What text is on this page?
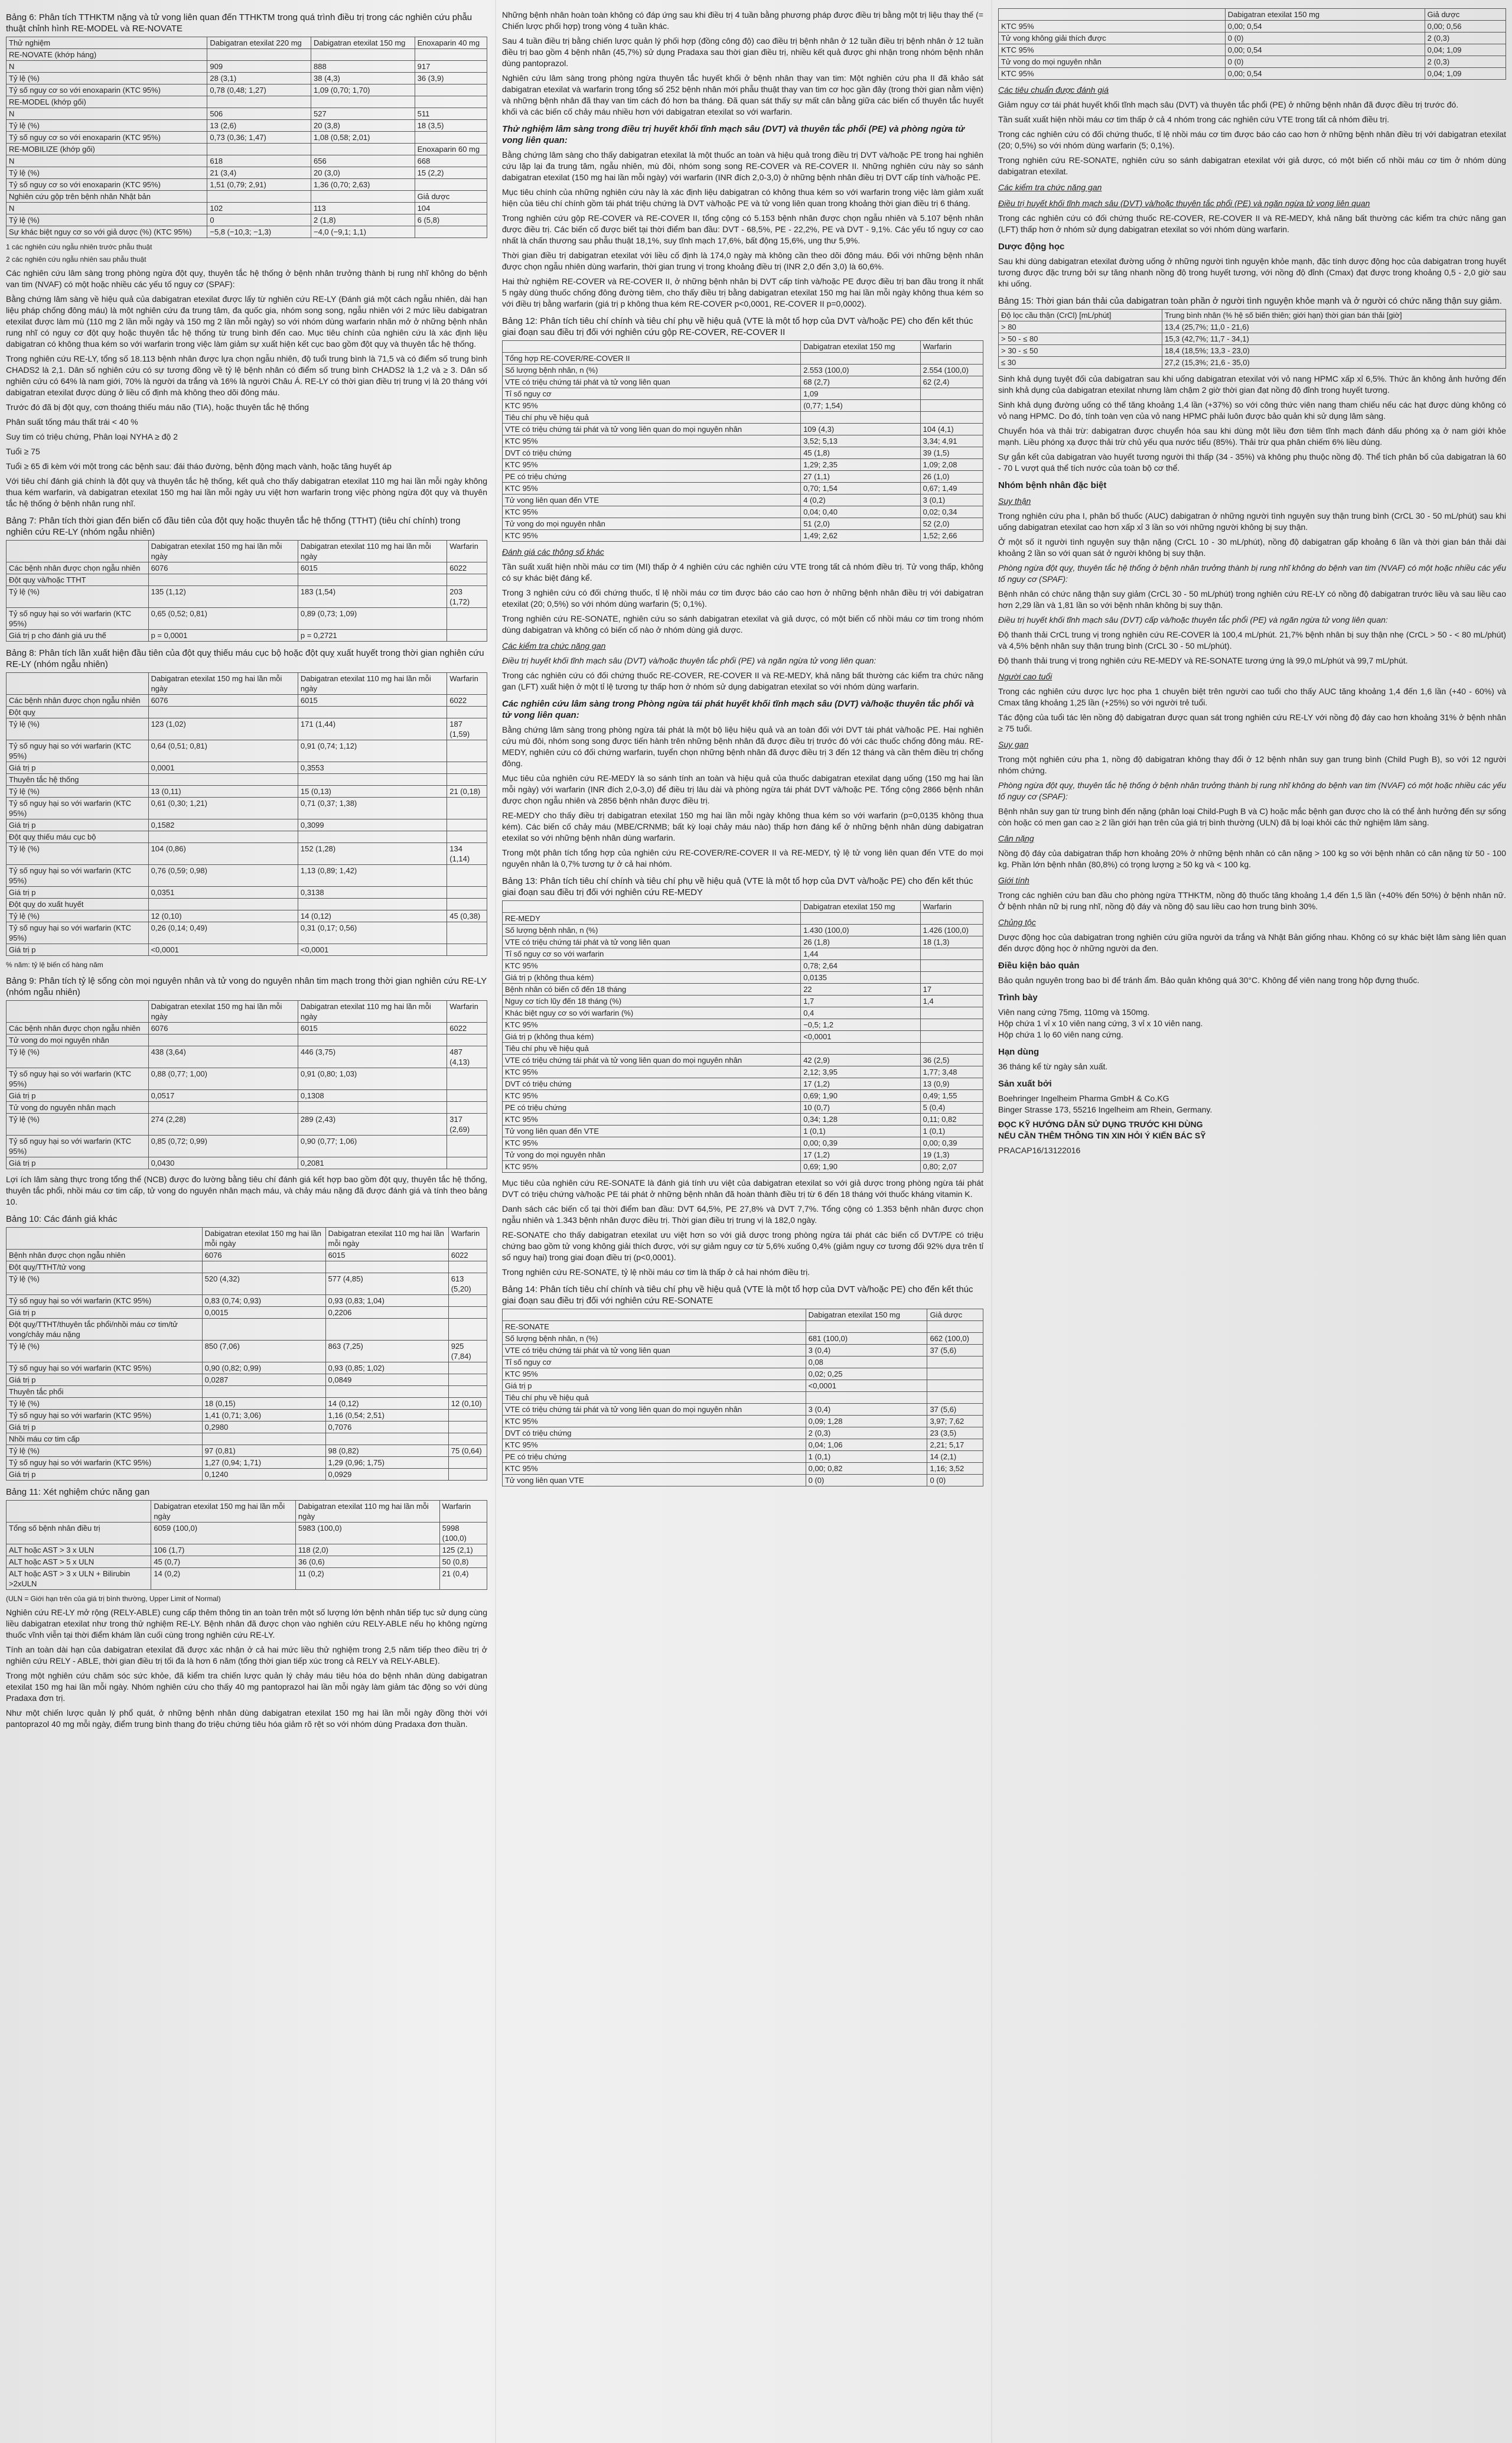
Bảng 6: Phân tích TTHKTM nặng và tử vong liên quan đến TTHKTM trong quá trình điều trị trong các nghiên cứu phẫu thuật chỉnh hình RE-MODEL và RE-NOVATE
Thử nghiệm	Dabigatran etexilat 220 mg	Dabigatran etexilat 150 mg	Enoxaparin 40 mg
RE-NOVATE (khớp háng)			
N	909	888	917
Tỷ lệ (%)	28 (3,1)	38 (4,3)	36 (3,9)
Tỷ số nguy cơ so với enoxaparin (KTC 95%)	0,78 (0,48; 1,27)	1,09 (0,70; 1,70)	
RE-MODEL (khớp gối)			
N	506	527	511
Tỷ lệ (%)	13 (2,6)	20 (3,8)	18 (3,5)
Tỷ số nguy cơ so với enoxaparin (KTC 95%)	0,73 (0,36; 1,47)	1,08 (0,58; 2,01)	
RE-MOBILIZE (khớp gối)			Enoxaparin 60 mg
N	618	656	668
Tỷ lệ (%)	21 (3,4)	20 (3,0)	15 (2,2)
Tỷ số nguy cơ so với enoxaparin (KTC 95%)	1,51 (0,79; 2,91)	1,36 (0,70; 2,63)	
Nghiên cứu gộp trên bệnh nhân Nhật bản			Giả dược
N	102	113	104
Tỷ lệ (%)	0	2 (1,8)	6 (5,8)
Sự khác biệt nguy cơ so với giả dược (%) (KTC 95%)	−5,8 (−10,3; −1,3)	−4,0 (−9,1; 1,1)	
1 các nghiên cứu ngẫu nhiên trước phẫu thuật
2 các nghiên cứu ngẫu nhiên sau phẫu thuật
Các nghiên cứu lâm sàng trong phòng ngừa đột quỵ, thuyên tắc hệ thống ở bệnh nhân trưởng thành bị rung nhĩ không do bệnh van tim (NVAF) có một hoặc nhiều các yếu tố nguy cơ (SPAF):
Bằng chứng lâm sàng về hiệu quả của dabigatran etexilat được lấy từ nghiên cứu RE-LY (Đánh giá một cách ngẫu nhiên, dài hạn liệu pháp chống đông máu) là một nghiên cứu đa trung tâm, đa quốc gia, nhóm song song, ngẫu nhiên với 2 mức liều dabigatran etexilat được làm mù (110 mg 2 lần mỗi ngày và 150 mg 2 lần mỗi ngày) so với nhóm dùng warfarin nhãn mở ở những bệnh nhân rung nhĩ có nguy cơ đột quỵ hoặc thuyên tắc hệ thống từ trung bình đến cao. Mục tiêu chính của nghiên cứu là xác định liệu dabigatran có không thua kém so với warfarin trong việc làm giảm sự xuất hiện kết cục bao gồm đột quỵ và thuyên tắc hệ thống.
Trong nghiên cứu RE-LY, tổng số 18.113 bệnh nhân được lựa chọn ngẫu nhiên, độ tuổi trung bình là 71,5 và có điểm số trung bình CHADS2 là 2,1. Dân số nghiên cứu có sự tương đồng về tỷ lệ bệnh nhân có điểm số trung bình CHADS2 là 1,2 và ≥ 3. Dân số nghiên cứu có 64% là nam giới, 70% là người da trắng và 16% là người Châu Á. RE-LY có thời gian điều trị trung vị là 20 tháng với dabigatran etexilat được dùng ở liều cố định mà không theo dõi đông máu.
Trước đó đã bị đột quỵ, cơn thoáng thiếu máu não (TIA), hoặc thuyên tắc hệ thống
Phân suất tống máu thất trái < 40 %
Suy tim có triệu chứng, Phân loại NYHA ≥ độ 2
Tuổi ≥ 75
Tuổi ≥ 65 đi kèm với một trong các bệnh sau: đái tháo đường, bệnh động mạch vành, hoặc tăng huyết áp
Với tiêu chí đánh giá chính là đột quỵ và thuyên tắc hệ thống, kết quả cho thấy dabigatran etexilat 110 mg hai lần mỗi ngày không thua kém warfarin, và dabigatran etexilat 150 mg hai lần mỗi ngày ưu việt hơn warfarin trong việc phòng ngừa đột quỵ và thuyên tắc hệ thống ở bệnh nhân rung nhĩ.
Bảng 7: Phân tích thời gian đến biến cố đầu tiên của đột quỵ hoặc thuyên tắc hệ thống (TTHT) (tiêu chí chính) trong nghiên cứu RE-LY (nhóm ngẫu nhiên)
	Dabigatran etexilat 150 mg hai lần mỗi ngày	Dabigatran etexilat 110 mg hai lần mỗi ngày	Warfarin
Các bệnh nhân được chọn ngẫu nhiên	6076	6015	6022
Đột quỵ và/hoặc TTHT			
Tỷ lệ (%)	135 (1,12)	183 (1,54)	203 (1,72)
Tỷ số nguy hại so với warfarin (KTC 95%)	0,65 (0,52; 0,81)	0,89 (0,73; 1,09)	
Giá trị p cho đánh giá ưu thế	p = 0,0001	p = 0,2721	
Bảng 8: Phân tích lần xuất hiện đầu tiên của đột quỵ thiếu máu cục bộ hoặc đột quỵ xuất huyết trong thời gian nghiên cứu RE-LY (nhóm ngẫu nhiên)
	Dabigatran etexilat 150 mg hai lần mỗi ngày	Dabigatran etexilat 110 mg hai lần mỗi ngày	Warfarin
Các bệnh nhân được chọn ngẫu nhiên	6076	6015	6022
Đột quỵ			
Tỷ lệ (%)	123 (1,02)	171 (1,44)	187 (1,59)
Tỷ số nguy hại so với warfarin (KTC 95%)	0,64 (0,51; 0,81)	0,91 (0,74; 1,12)	
Giá trị p	0,0001	0,3553	
Thuyên tắc hệ thống			
Tỷ lệ (%)	13 (0,11)	15 (0,13)	21 (0,18)
Tỷ số nguy hại so với warfarin (KTC 95%)	0,61 (0,30; 1,21)	0,71 (0,37; 1,38)	
Giá trị p	0,1582	0,3099	
Đột quỵ thiếu máu cục bộ			
Tỷ lệ (%)	104 (0,86)	152 (1,28)	134 (1,14)
Tỷ số nguy hại so với warfarin (KTC 95%)	0,76 (0,59; 0,98)	1,13 (0,89; 1,42)	
Giá trị p	0,0351	0,3138	
Đột quỵ do xuất huyết			
Tỷ lệ (%)	12 (0,10)	14 (0,12)	45 (0,38)
Tỷ số nguy hại so với warfarin (KTC 95%)	0,26 (0,14; 0,49)	0,31 (0,17; 0,56)	
Giá trị p	<0,0001	<0,0001	
% năm: tỷ lệ biến cố hàng năm
Bảng 9: Phân tích tỷ lệ sống còn mọi nguyên nhân và tử vong do nguyên nhân tim mạch trong thời gian nghiên cứu RE-LY (nhóm ngẫu nhiên)
	Dabigatran etexilat 150 mg hai lần mỗi ngày	Dabigatran etexilat 110 mg hai lần mỗi ngày	Warfarin
Các bệnh nhân được chọn ngẫu nhiên	6076	6015	6022
Tử vong do mọi nguyên nhân			
Tỷ lệ (%)	438 (3,64)	446 (3,75)	487 (4,13)
Tỷ số nguy hại so với warfarin (KTC 95%)	0,88 (0,77; 1,00)	0,91 (0,80; 1,03)	
Giá trị p	0,0517	0,1308	
Tử vong do nguyên nhân mạch			
Tỷ lệ (%)	274 (2,28)	289 (2,43)	317 (2,69)
Tỷ số nguy hại so với warfarin (KTC 95%)	0,85 (0,72; 0,99)	0,90 (0,77; 1,06)	
Giá trị p	0,0430	0,2081	
Lợi ích lâm sàng thực trong tổng thể (NCB) được đo lường bằng tiêu chí đánh giá kết hợp bao gồm đột quỵ, thuyên tắc hệ thống, thuyên tắc phổi, nhồi máu cơ tim cấp, tử vong do nguyên nhân mạch máu, và chảy máu nặng đã được đánh giá và tính theo bảng 10.
Bảng 10: Các đánh giá khác
	Dabigatran etexilat 150 mg hai lần mỗi ngày	Dabigatran etexilat 110 mg hai lần mỗi ngày	Warfarin
Bệnh nhân được chọn ngẫu nhiên	6076	6015	6022
Đột quỵ/TTHT/tử vong			
Tỷ lệ (%)	520 (4,32)	577 (4,85)	613 (5,20)
Tỷ số nguy hại so với warfarin (KTC 95%)	0,83 (0,74; 0,93)	0,93 (0,83; 1,04)	
Giá trị p	0,0015	0,2206	
Đột quỵ/TTHT/thuyên tắc phổi/nhồi máu cơ tim/tử vong/chảy máu nặng			
Tỷ lệ (%)	850 (7,06)	863 (7,25)	925 (7,84)
Tỷ số nguy hại so với warfarin (KTC 95%)	0,90 (0,82; 0,99)	0,93 (0,85; 1,02)	
Giá trị p	0,0287	0,0849	
Thuyên tắc phổi			
Tỷ lệ (%)	18 (0,15)	14 (0,12)	12 (0,10)
Tỷ số nguy hại so với warfarin (KTC 95%)	1,41 (0,71; 3,06)	1,16 (0,54; 2,51)	
Giá trị p	0,2980	0,7076	
Nhồi máu cơ tim cấp			
Tỷ lệ (%)	97 (0,81)	98 (0,82)	75 (0,64)
Tỷ số nguy hại so với warfarin (KTC 95%)	1,27 (0,94; 1,71)	1,29 (0,96; 1,75)	
Giá trị p	0,1240	0,0929	
Bảng 11: Xét nghiệm chức năng gan
	Dabigatran etexilat 150 mg hai lần mỗi ngày	Dabigatran etexilat 110 mg hai lần mỗi ngày	Warfarin
Tổng số bệnh nhân điều trị	6059 (100,0)	5983 (100,0)	5998 (100,0)
ALT hoặc AST > 3 x ULN	106 (1,7)	118 (2,0)	125 (2,1)
ALT hoặc AST > 5 x ULN	45 (0,7)	36 (0,6)	50 (0,8)
ALT hoặc AST > 3 x ULN + Bilirubin >2xULN	14 (0,2)	11 (0,2)	21 (0,4)
(ULN = Giới hạn trên của giá trị bình thường, Upper Limit of Normal)
Nghiên cứu RE-LY mở rộng (RELY-ABLE) cung cấp thêm thông tin an toàn trên một số lượng lớn bệnh nhân tiếp tục sử dụng cùng liều dabigatran etexilat như trong thử nghiệm RE-LY. Bệnh nhân đã được chọn vào nghiên cứu RELY-ABLE nếu họ không ngừng thuốc vĩnh viễn tại thời điểm khám lần cuối cùng trong nghiên cứu RE-LY.
Tính an toàn dài hạn của dabigatran etexilat đã được xác nhận ở cả hai mức liều thử nghiệm trong 2,5 năm tiếp theo điều trị ở nghiên cứu RELY - ABLE, thời gian điều trị tối đa là hơn 6 năm (tổng thời gian tiếp xúc trong cả RELY và RELY-ABLE).
Trong một nghiên cứu chăm sóc sức khỏe, đã kiểm tra chiến lược quản lý chảy máu tiêu hóa do bệnh nhân dùng dabigatran etexilat 150 mg hai lần mỗi ngày. Nhóm nghiên cứu cho thấy 40 mg pantoprazol hai lần mỗi ngày làm giảm tác động so với dùng Pradaxa đơn trị.
Như một chiến lược quản lý phổ quát, ở những bệnh nhân dùng dabigatran etexilat 150 mg hai lần mỗi ngày đồng thời với pantoprazol 40 mg mỗi ngày, điểm trung bình thang đo triệu chứng tiêu hóa giảm rõ rệt so với nhóm dùng Pradaxa đơn thuần.
Những bệnh nhân hoàn toàn không có đáp ứng sau khi điều trị 4 tuần bằng phương pháp được điều trị bằng một trị liệu thay thế (= Chiến lược phối hợp) trong vòng 4 tuần khác.
Sau 4 tuần điều trị bằng chiến lược quản lý phối hợp (đồng công độ) cao điều trị bệnh nhân ở 12 tuần điều trị bệnh nhân ở 12 tuần điều trị bao gồm 4 bệnh nhân (45,7%) sử dụng Pradaxa sau thời gian điều trị, nhiều kết quả được ghi nhận trong nhóm bệnh nhân dùng pantoprazol.
Nghiên cứu lâm sàng trong phòng ngừa thuyên tắc huyết khối ở bệnh nhân thay van tim: Một nghiên cứu pha II đã khảo sát dabigatran etexilat và warfarin trong tổng số 252 bệnh nhân mới phẫu thuật thay van tim cơ học gần đây (trong thời gian nằm viện) và những bệnh nhân đã thay van tim cách đó hơn ba tháng. Đã quan sát thấy sự mất cân bằng giữa các biến cố thuyên tắc huyết khối và các biến cố chảy máu nhiều hơn với dabigatran etexilat so với warfarin.
Thử nghiệm lâm sàng trong điều trị huyết khối tĩnh mạch sâu (DVT) và thuyên tắc phổi (PE) và phòng ngừa tử vong liên quan:
Bằng chứng lâm sàng cho thấy dabigatran etexilat là một thuốc an toàn và hiệu quả trong điều trị DVT và/hoặc PE trong hai nghiên cứu lặp lại đa trung tâm, ngẫu nhiên, mù đôi, nhóm song song RE-COVER và RE-COVER II. Những nghiên cứu này so sánh dabigatran etexilat (150 mg hai lần mỗi ngày) với warfarin (INR đích 2,0-3,0) ở những bệnh nhân điều trị DVT cấp tính và/hoặc PE.
Mục tiêu chính của những nghiên cứu này là xác định liệu dabigatran có không thua kém so với warfarin trong việc làm giảm xuất hiện của tiêu chí chính gồm tái phát triệu chứng là DVT và/hoặc PE và tử vong liên quan trong khoảng thời gian điều trị 6 tháng.
Trong nghiên cứu gộp RE-COVER và RE-COVER II, tổng cộng có 5.153 bệnh nhân được chọn ngẫu nhiên và 5.107 bệnh nhân được điều trị. Các biến cố được biết tại thời điểm ban đầu: DVT - 68,5%, PE - 22,2%, PE và DVT - 9,1%. Các yếu tố nguy cơ cao nhất là chấn thương sau phẫu thuật 18,1%, suy tĩnh mạch 17,6%, bất động 15,6%, ung thư 5,9%.
Thời gian điều trị dabigatran etexilat với liều cố định là 174,0 ngày mà không cần theo dõi đông máu. Đối với những bệnh nhân được chọn ngẫu nhiên dùng warfarin, thời gian trung vị trong khoảng điều trị (INR 2,0 đến 3,0) là 60,6%.
Hai thử nghiệm RE-COVER và RE-COVER II, ở những bệnh nhân bị DVT cấp tính và/hoặc PE được điều trị ban đầu trong ít nhất 5 ngày dùng thuốc chống đông đường tiêm, cho thấy điều trị bằng dabigatran etexilat 150 mg hai lần mỗi ngày không thua kém so với điều trị bằng warfarin (giá trị p không thua kém RE-COVER p<0,0001, RE-COVER II p=0,0002).
Bảng 12: Phân tích tiêu chí chính và tiêu chí phụ về hiệu quả (VTE là một tổ hợp của DVT và/hoặc PE) cho đến kết thúc giai đoạn sau điều trị đối với nghiên cứu gộp RE-COVER, RE-COVER II
	Dabigatran etexilat 150 mg	Warfarin
Tổng hợp RE-COVER/RE-COVER II		
Số lượng bệnh nhân, n (%)	2.553 (100,0)	2.554 (100,0)
VTE có triệu chứng tái phát và tử vong liên quan	68 (2,7)	62 (2,4)
Tỉ số nguy cơ	1,09	
KTC 95%	(0,77; 1,54)	
Tiêu chí phụ về hiệu quả		
VTE có triệu chứng tái phát và tử vong liên quan do mọi nguyên nhân	109 (4,3)	104 (4,1)
KTC 95%	3,52; 5,13	3,34; 4,91
DVT có triệu chứng	45 (1,8)	39 (1,5)
KTC 95%	1,29; 2,35	1,09; 2,08
PE có triệu chứng	27 (1,1)	26 (1,0)
KTC 95%	0,70; 1,54	0,67; 1,49
Tử vong liên quan đến VTE	4 (0,2)	3 (0,1)
KTC 95%	0,04; 0,40	0,02; 0,34
Tử vong do mọi nguyên nhân	51 (2,0)	52 (2,0)
KTC 95%	1,49; 2,62	1,52; 2,66
Đánh giá các thông số khác
Tần suất xuất hiện nhồi máu cơ tim (MI) thấp ở 4 nghiên cứu các nghiên cứu VTE trong tất cả nhóm điều trị. Tử vong thấp, không có sự khác biệt đáng kể.
Trong 3 nghiên cứu có đối chứng thuốc, tỉ lệ nhồi máu cơ tim được báo cáo cao hơn ở những bệnh nhân điều trị với dabigatran etexilat (20; 0,5%) so với nhóm dùng warfarin (5; 0,1%).
Trong nghiên cứu RE-SONATE, nghiên cứu so sánh dabigatran etexilat và giả dược, có một biến cố nhồi máu cơ tim trong nhóm dùng dabigatran và không có biến cố nào ở nhóm dùng giả dược.
Các kiểm tra chức năng gan
Điều trị huyết khối tĩnh mạch sâu (DVT) và/hoặc thuyên tắc phổi (PE) và ngăn ngừa tử vong liên quan:
Trong các nghiên cứu có đối chứng thuốc RE-COVER, RE-COVER II và RE-MEDY, khả năng bất thường các kiểm tra chức năng gan (LFT) xuất hiện ở một tỉ lệ tương tự thấp hơn ở nhóm sử dụng dabigatran etexilat so với nhóm dùng warfarin.
Các nghiên cứu lâm sàng trong Phòng ngừa tái phát huyết khối tĩnh mạch sâu (DVT) và/hoặc thuyên tắc phổi và tử vong liên quan:
Bằng chứng lâm sàng trong phòng ngừa tái phát là một bộ liệu hiệu quả và an toàn đối với DVT tái phát và/hoặc PE. Hai nghiên cứu mù đôi, nhóm song song được tiến hành trên những bệnh nhân đã được điều trị trước đó với các thuốc chống đông máu. RE-MEDY, nghiên cứu có đối chứng warfarin, tuyển chọn những bệnh nhân đã được điều trị 3 đến 12 tháng và cần thêm điều trị chống đông.
Mục tiêu của nghiên cứu RE-MEDY là so sánh tính an toàn và hiệu quả của thuốc dabigatran etexilat dạng uống (150 mg hai lần mỗi ngày) với warfarin (INR đích 2,0-3,0) để điều trị lâu dài và phòng ngừa tái phát DVT và/hoặc PE. Tổng cộng 2866 bệnh nhân được chọn ngẫu nhiên và 2856 bệnh nhân được điều trị.
RE-MEDY cho thấy điều trị dabigatran etexilat 150 mg hai lần mỗi ngày không thua kém so với warfarin (p=0,0135 không thua kém). Các biến cố chảy máu (MBE/CRNMB; bất kỳ loại chảy máu nào) thấp hơn đáng kể ở những bệnh nhân dùng dabigatran etexilat so với những bệnh nhân dùng warfarin.
Trong một phân tích tổng hợp của nghiên cứu RE-COVER/RE-COVER II và RE-MEDY, tỷ lệ tử vong liên quan đến VTE do mọi nguyên nhân là 0,7% tương tự ở cả hai nhóm.
Bảng 13: Phân tích tiêu chí chính và tiêu chí phụ về hiệu quả (VTE là một tổ hợp của DVT và/hoặc PE) cho đến kết thúc giai đoạn sau điều trị đối với nghiên cứu RE-MEDY
	Dabigatran etexilat 150 mg	Warfarin
RE-MEDY		
Số lượng bệnh nhân, n (%)	1.430 (100,0)	1.426 (100,0)
VTE có triệu chứng tái phát và tử vong liên quan	26 (1,8)	18 (1,3)
Tỉ số nguy cơ so với warfarin	1,44	
KTC 95%	0,78; 2,64	
Giá trị p (không thua kém)	0,0135	
Bệnh nhân có biến cố đến 18 tháng	22	17
Nguy cơ tích lũy đến 18 tháng (%)	1,7	1,4
Khác biệt nguy cơ so với warfarin (%)	0,4	
KTC 95%	−0,5; 1,2	
Giá trị p (không thua kém)	<0,0001	
Tiêu chí phụ về hiệu quả		
VTE có triệu chứng tái phát và tử vong liên quan do mọi nguyên nhân	42 (2,9)	36 (2,5)
KTC 95%	2,12; 3,95	1,77; 3,48
DVT có triệu chứng	17 (1,2)	13 (0,9)
KTC 95%	0,69; 1,90	0,49; 1,55
PE có triệu chứng	10 (0,7)	5 (0,4)
KTC 95%	0,34; 1,28	0,11; 0,82
Tử vong liên quan đến VTE	1 (0,1)	1 (0,1)
KTC 95%	0,00; 0,39	0,00; 0,39
Tử vong do mọi nguyên nhân	17 (1,2)	19 (1,3)
KTC 95%	0,69; 1,90	0,80; 2,07
Mục tiêu của nghiên cứu RE-SONATE là đánh giá tính ưu việt của dabigatran etexilat so với giả dược trong phòng ngừa tái phát DVT có triệu chứng và/hoặc PE tái phát ở những bệnh nhân đã hoàn thành điều trị từ 6 đến 18 tháng với thuốc kháng vitamin K.
Danh sách các biến cố tại thời điểm ban đầu: DVT 64,5%, PE 27,8% và DVT 7,7%. Tổng cộng có 1.353 bệnh nhân được chọn ngẫu nhiên và 1.343 bệnh nhân được điều trị. Thời gian điều trị trung vị là 182,0 ngày.
RE-SONATE cho thấy dabigatran etexilat ưu việt hơn so với giả dược trong phòng ngừa tái phát các biến cố DVT/PE có triệu chứng bao gồm tử vong không giải thích được, với sự giảm nguy cơ từ 5,6% xuống 0,4% (giảm nguy cơ tương đối 92% dựa trên tỉ số nguy hại) trong giai đoạn điều trị (p<0,0001).
Trong nghiên cứu RE-SONATE, tỷ lệ nhồi máu cơ tim là thấp ở cả hai nhóm điều trị.
Bảng 14: Phân tích tiêu chí chính và tiêu chí phụ về hiệu quả (VTE là một tổ hợp của DVT và/hoặc PE) cho đến kết thúc giai đoạn sau điều trị đối với nghiên cứu RE-SONATE
	Dabigatran etexilat 150 mg	Giả dược
RE-SONATE		
Số lượng bệnh nhân, n (%)	681 (100,0)	662 (100,0)
VTE có triệu chứng tái phát và tử vong liên quan	3 (0,4)	37 (5,6)
Tỉ số nguy cơ	0,08	
KTC 95%	0,02; 0,25	
Giá trị p	<0,0001	
Tiêu chí phụ về hiệu quả		
VTE có triệu chứng tái phát và tử vong liên quan do mọi nguyên nhân	3 (0,4)	37 (5,6)
KTC 95%	0,09; 1,28	3,97; 7,62
DVT có triệu chứng	2 (0,3)	23 (3,5)
KTC 95%	0,04; 1,06	2,21; 5,17
PE có triệu chứng	1 (0,1)	14 (2,1)
KTC 95%	0,00; 0,82	1,16; 3,52
Tử vong liên quan VTE	0 (0)	0 (0)
	Dabigatran etexilat 150 mg	Giả dược
KTC 95%	0,00; 0,54	0,00; 0,56
Tử vong không giải thích được	0 (0)	2 (0,3)
KTC 95%	0,00; 0,54	0,04; 1,09
Tử vong do mọi nguyên nhân	0 (0)	2 (0,3)
KTC 95%	0,00; 0,54	0,04; 1,09
Các tiêu chuẩn được đánh giá
Giảm nguy cơ tái phát huyết khối tĩnh mạch sâu (DVT) và thuyên tắc phổi (PE) ở những bệnh nhân đã được điều trị trước đó.
Tần suất xuất hiện nhồi máu cơ tim thấp ở cả 4 nhóm trong các nghiên cứu VTE trong tất cả nhóm điều trị.
Trong các nghiên cứu có đối chứng thuốc, tỉ lệ nhồi máu cơ tim được báo cáo cao hơn ở những bệnh nhân điều trị với dabigatran etexilat (20; 0,5%) so với nhóm dùng warfarin (5; 0,1%).
Trong nghiên cứu RE-SONATE, nghiên cứu so sánh dabigatran etexilat với giả dược, có một biến cố nhồi máu cơ tim ở nhóm dùng dabigatran etexilat.
Các kiểm tra chức năng gan
Điều trị huyết khối tĩnh mạch sâu (DVT) và/hoặc thuyên tắc phổi (PE) và ngăn ngừa tử vong liên quan
Trong các nghiên cứu có đối chứng thuốc RE-COVER, RE-COVER II và RE-MEDY, khả năng bất thường các kiểm tra chức năng gan (LFT) thấp hơn ở nhóm sử dụng dabigatran etexilat so với nhóm dùng warfarin.
Dược động học
Sau khi dùng dabigatran etexilat đường uống ở những người tình nguyện khỏe mạnh, đặc tính dược động học của dabigatran trong huyết tương được đặc trưng bởi sự tăng nhanh nồng độ trong huyết tương, với nồng độ đỉnh (Cmax) đạt được trong khoảng 0,5 - 2,0 giờ sau khi uống.
Bảng 15: Thời gian bán thải của dabigatran toàn phần ở người tình nguyện khỏe mạnh và ở người có chức năng thận suy giảm.
Độ lọc cầu thận (CrCl) [mL/phút]	Trung bình nhân (% hệ số biến thiên; giới hạn) thời gian bán thải [giờ]
> 80	13,4 (25,7%; 11,0 - 21,6)
> 50 - ≤ 80	15,3 (42,7%; 11,7 - 34,1)
> 30 - ≤ 50	18,4 (18,5%; 13,3 - 23,0)
≤ 30	27,2 (15,3%; 21,6 - 35,0)
Sinh khả dụng tuyệt đối của dabigatran sau khi uống dabigatran etexilat với vỏ nang HPMC xấp xỉ 6,5%. Thức ăn không ảnh hưởng đến sinh khả dụng của dabigatran etexilat nhưng làm chậm 2 giờ thời gian đạt nồng độ đỉnh trong huyết tương.
Sinh khả dụng đường uống có thể tăng khoảng 1,4 lần (+37%) so với công thức viên nang tham chiếu nếu các hạt được dùng không có vỏ nang HPMC. Do đó, tính toàn vẹn của vỏ nang HPMC phải luôn được bảo quản khi sử dụng lâm sàng.
Chuyển hóa và thải trừ: dabigatran được chuyển hóa sau khi dùng một liều đơn tiêm tĩnh mạch đánh dấu phóng xạ ở nam giới khỏe mạnh. Liều phóng xạ được thải trừ chủ yếu qua nước tiểu (85%). Thải trừ qua phân chiếm 6% liều dùng.
Sự gắn kết của dabigatran vào huyết tương người thì thấp (34 - 35%) và không phụ thuộc nồng độ. Thể tích phân bố của dabigatran là 60 - 70 L vượt quá thể tích nước của toàn bộ cơ thể.
Nhóm bệnh nhân đặc biệt
Suy thận
Trong nghiên cứu pha I, phân bố thuốc (AUC) dabigatran ở những người tình nguyện suy thận trung bình (CrCL 30 - 50 mL/phút) sau khi uống dabigatran etexilat cao hơn xấp xỉ 3 lần so với những người không bị suy thận.
Ở một số ít người tình nguyện suy thận nặng (CrCL 10 - 30 mL/phút), nồng độ dabigatran gấp khoảng 6 lần và thời gian bán thải dài khoảng 2 lần so với quan sát ở người không bị suy thận.
Phòng ngừa đột quỵ, thuyên tắc hệ thống ở bệnh nhân trưởng thành bị rung nhĩ không do bệnh van tim (NVAF) có một hoặc nhiều các yếu tố nguy cơ (SPAF):
Bệnh nhân có chức năng thận suy giảm (CrCL 30 - 50 mL/phút) trong nghiên cứu RE-LY có nồng độ dabigatran trước liều và sau liều cao hơn 2,29 lần và 1,81 lần so với bệnh nhân không bị suy thận.
Điều trị huyết khối tĩnh mạch sâu (DVT) cấp và/hoặc thuyên tắc phổi (PE) và ngăn ngừa tử vong liên quan:
Độ thanh thải CrCL trung vị trong nghiên cứu RE-COVER là 100,4 mL/phút. 21,7% bệnh nhân bị suy thận nhẹ (CrCL > 50 - < 80 mL/phút) và 4,5% bệnh nhân suy thận trung bình (CrCL 30 - 50 mL/phút).
Độ thanh thải trung vị trong nghiên cứu RE-MEDY và RE-SONATE tương ứng là 99,0 mL/phút và 99,7 mL/phút.
Người cao tuổi
Trong các nghiên cứu dược lực học pha 1 chuyên biệt trên người cao tuổi cho thấy AUC tăng khoảng 1,4 đến 1,6 lần (+40 - 60%) và Cmax tăng khoảng 1,25 lần (+25%) so với người trẻ tuổi.
Tác động của tuổi tác lên nồng độ dabigatran được quan sát trong nghiên cứu RE-LY với nồng độ đáy cao hơn khoảng 31% ở bệnh nhân ≥ 75 tuổi.
Suy gan
Trong một nghiên cứu pha 1, nồng độ dabigatran không thay đổi ở 12 bệnh nhân suy gan trung bình (Child Pugh B), so với 12 người nhóm chứng.
Phòng ngừa đột quỵ, thuyên tắc hệ thống ở bệnh nhân trưởng thành bị rung nhĩ không do bệnh van tim (NVAF) có một hoặc nhiều các yếu tố nguy cơ (SPAF):
Bệnh nhân suy gan từ trung bình đến nặng (phân loại Child-Pugh B và C) hoặc mắc bệnh gan được cho là có thể ảnh hưởng đến sự sống còn hoặc có men gan cao ≥ 2 lần giới hạn trên của giá trị bình thường (ULN) đã bị loại khỏi các thử nghiệm lâm sàng.
Cân nặng
Nồng độ đáy của dabigatran thấp hơn khoảng 20% ở những bệnh nhân có cân nặng > 100 kg so với bệnh nhân có cân nặng từ 50 - 100 kg. Phần lớn bệnh nhân (80,8%) có trọng lượng ≥ 50 kg và < 100 kg.
Giới tính
Trong các nghiên cứu ban đầu cho phòng ngừa TTHKTM, nồng độ thuốc tăng khoảng 1,4 đến 1,5 lần (+40% đến 50%) ở bệnh nhân nữ. Ở bệnh nhân nữ bị rung nhĩ, nồng độ đáy và nồng độ sau liều cao hơn trung bình 30%.
Chủng tộc
Dược động học của dabigatran trong nghiên cứu giữa người da trắng và Nhật Bản giống nhau. Không có sự khác biệt lâm sàng liên quan đến dược động học ở những người da đen.
Điều kiện bảo quản
Bảo quản nguyên trong bao bì để tránh ẩm. Bảo quản không quá 30°C. Không để viên nang trong hộp đựng thuốc.
Trình bày
Viên nang cứng 75mg, 110mg và 150mg.
Hộp chứa 1 vỉ x 10 viên nang cứng, 3 vỉ x 10 viên nang.
Hộp chứa 1 lọ 60 viên nang cứng.
Hạn dùng
36 tháng kể từ ngày sản xuất.
Sản xuất bởi
Boehringer Ingelheim Pharma GmbH & Co.KG
Binger Strasse 173, 55216 Ingelheim am Rhein, Germany.
ĐỌC KỸ HƯỚNG DẪN SỬ DỤNG TRƯỚC KHI DÙNG
NẾU CẦN THÊM THÔNG TIN XIN HỎI Ý KIẾN BÁC SỸ
PRACAP16/13122016
